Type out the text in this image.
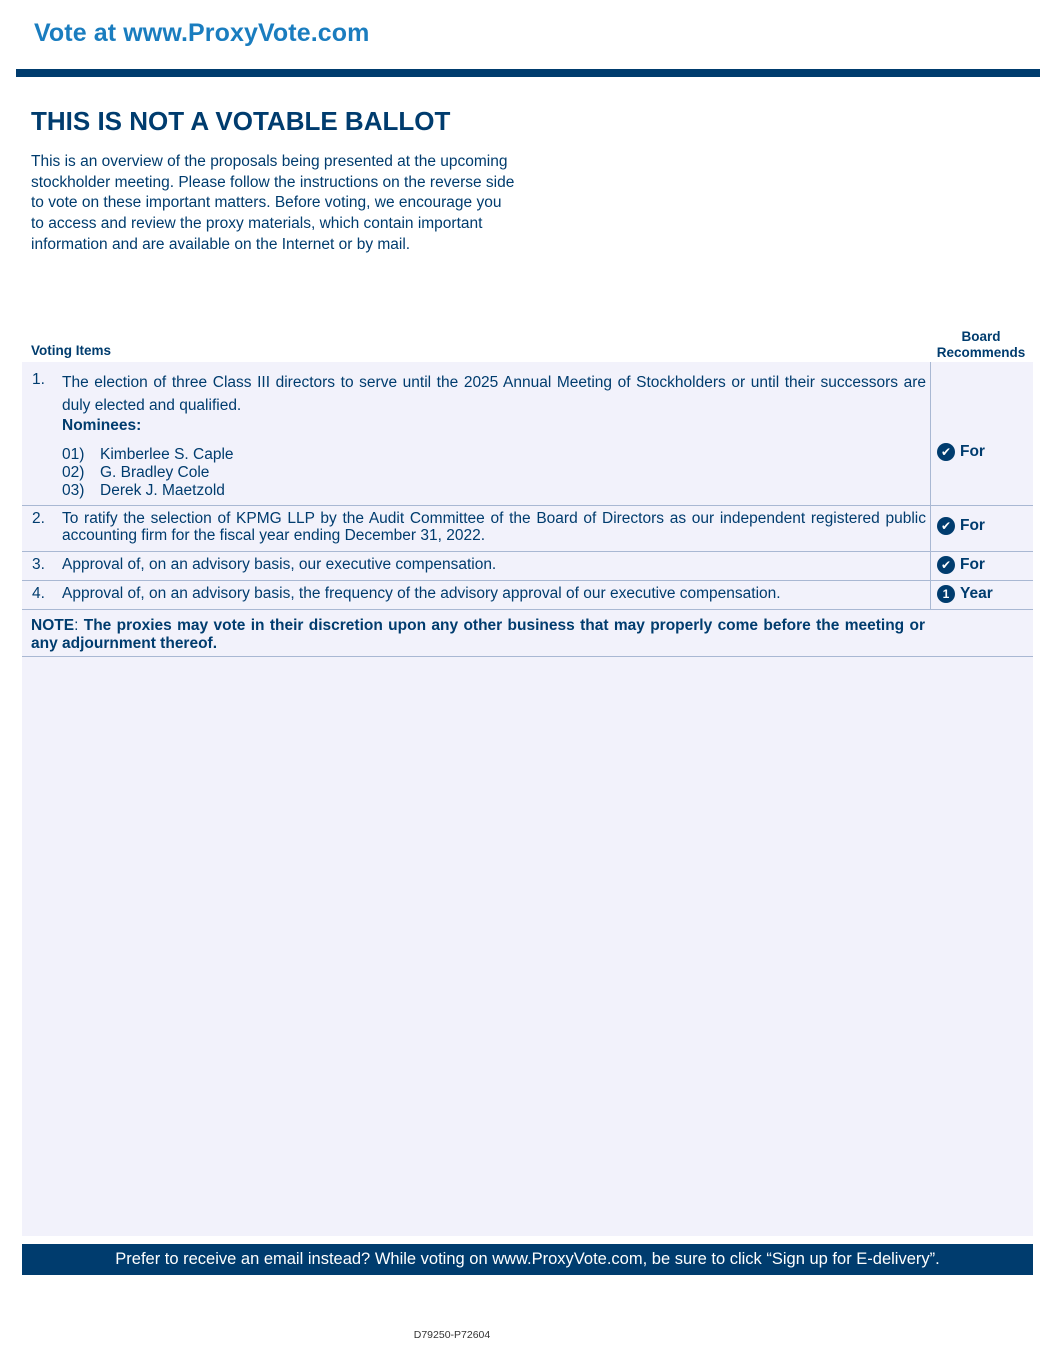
Vote at www.ProxyVote.com
THIS IS NOT A VOTABLE BALLOT
This is an overview of the proposals being presented at the upcoming stockholder meeting. Please follow the instructions on the reverse side to vote on these important matters. Before voting, we encourage you to access and review the proxy materials, which contain important information and are available on the Internet or by mail.
Voting Items
Board
Recommends
1. The election of three Class III directors to serve until the 2025 Annual Meeting of Stockholders or until their successors are duly elected and qualified.
Nominees:
01) Kimberlee S. Caple
02) G. Bradley Cole
03) Derek J. Maetzold
✔ For
2. To ratify the selection of KPMG LLP by the Audit Committee of the Board of Directors as our independent registered public accounting firm for the fiscal year ending December 31, 2022.
✔ For
3. Approval of, on an advisory basis, our executive compensation.	✔ For
4. Approval of, on an advisory basis, the frequency of the advisory approval of our executive compensation.	1 Year
NOTE: The proxies may vote in their discretion upon any other business that may properly come before the meeting or any adjournment thereof.
Prefer to receive an email instead? While voting on www.ProxyVote.com, be sure to click “Sign up for E-delivery”.
D79250-P72604
